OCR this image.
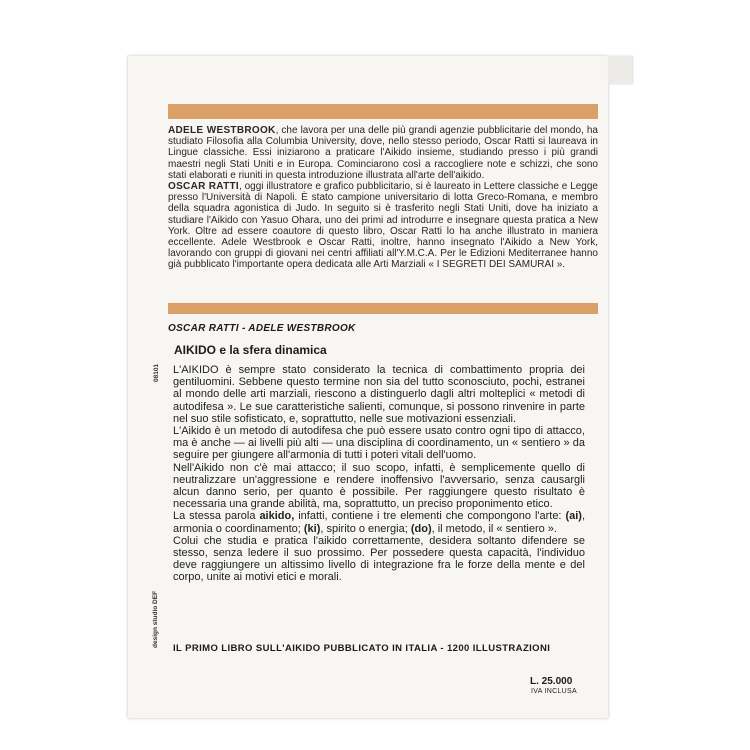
ADELE WESTBROOK, che lavora per una delle più grandi agenzie pubblicitarie del mondo, ha studiato Filosofia alla Columbia University, dove, nello stesso periodo, Oscar Ratti si laureava in Lingue classiche. Essi iniziarono a praticare l'Aikido insieme, studiando presso i più grandi maestri negli Stati Uniti e in Europa. Cominciarono così a raccogliere note e schizzi, che sono stati elaborati e riuniti in questa introduzione illustrata all'arte dell'aikido.

OSCAR RATTI, oggi illustratore e grafico pubblicitario, si è laureato in Lettere classiche e Legge presso l'Università di Napoli. È stato campione universitario di lotta Greco-Romana, e membro della squadra agonistica di Judo. In seguito si è trasferito negli Stati Uniti, dove ha iniziato a studiare l'Aikido con Yasuo Ohara, uno dei primi ad introdurre e insegnare questa pratica a New York. Oltre ad essere coautore di questo libro, Oscar Ratti lo ha anche illustrato in maniera eccellente. Adele Westbrook e Oscar Ratti, inoltre, hanno insegnato l'Aikido a New York, lavorando con gruppi di giovani nei centri affiliati all'Y.M.C.A. Per le Edizioni Mediterranee hanno già pubblicato l'importante opera dedicata alle Arti Marziali « I SEGRETI DEI SAMURAI ».

OSCAR RATTI - ADELE WESTBROOK
AIKIDO e la sfera dinamica
08101
design studio DEF

L'AIKIDO è sempre stato considerato la tecnica di combattimento propria dei gentiluomini. Sebbene questo termine non sia del tutto sconosciuto, pochi, estranei al mondo delle arti marziali, riescono a distinguerlo dagli altri molteplici « metodi di autodifesa ». Le sue caratteristiche salienti, comunque, si possono rinvenire in parte nel suo stile sofisticato, e, soprattutto, nelle sue motivazioni essenziali.

L'Aikido è un metodo di autodifesa che può essere usato contro ogni tipo di attacco, ma è anche — ai livelli più alti — una disciplina di coordinamento, un « sentiero » da seguire per giungere all'armonia di tutti i poteri vitali dell'uomo.

Nell'Aikido non c'è mai attacco; il suo scopo, infatti, è semplicemente quello di neutralizzare un'aggressione e rendere inoffensivo l'avversario, senza causargli alcun danno serio, per quanto è possibile. Per raggiungere questo risultato è necessaria una grande abilità, ma, soprattutto, un preciso proponimento etico.

La stessa parola aikido, infatti, contiene i tre elementi che compongono l'arte: (ai), armonia o coordinamento; (ki), spirito o energia; (do), il metodo, il « sentiero ».

Colui che studia e pratica l'aikido correttamente, desidera soltanto difendere se stesso, senza ledere il suo prossimo. Per possedere questa capacità, l'individuo deve raggiungere un altissimo livello di integrazione fra le forze della mente e del corpo, unite ai motivi etici e morali.

IL PRIMO LIBRO SULL'AIKIDO PUBBLICATO IN ITALIA - 1200 ILLUSTRAZIONI
L. 25.000
IVA INCLUSA
